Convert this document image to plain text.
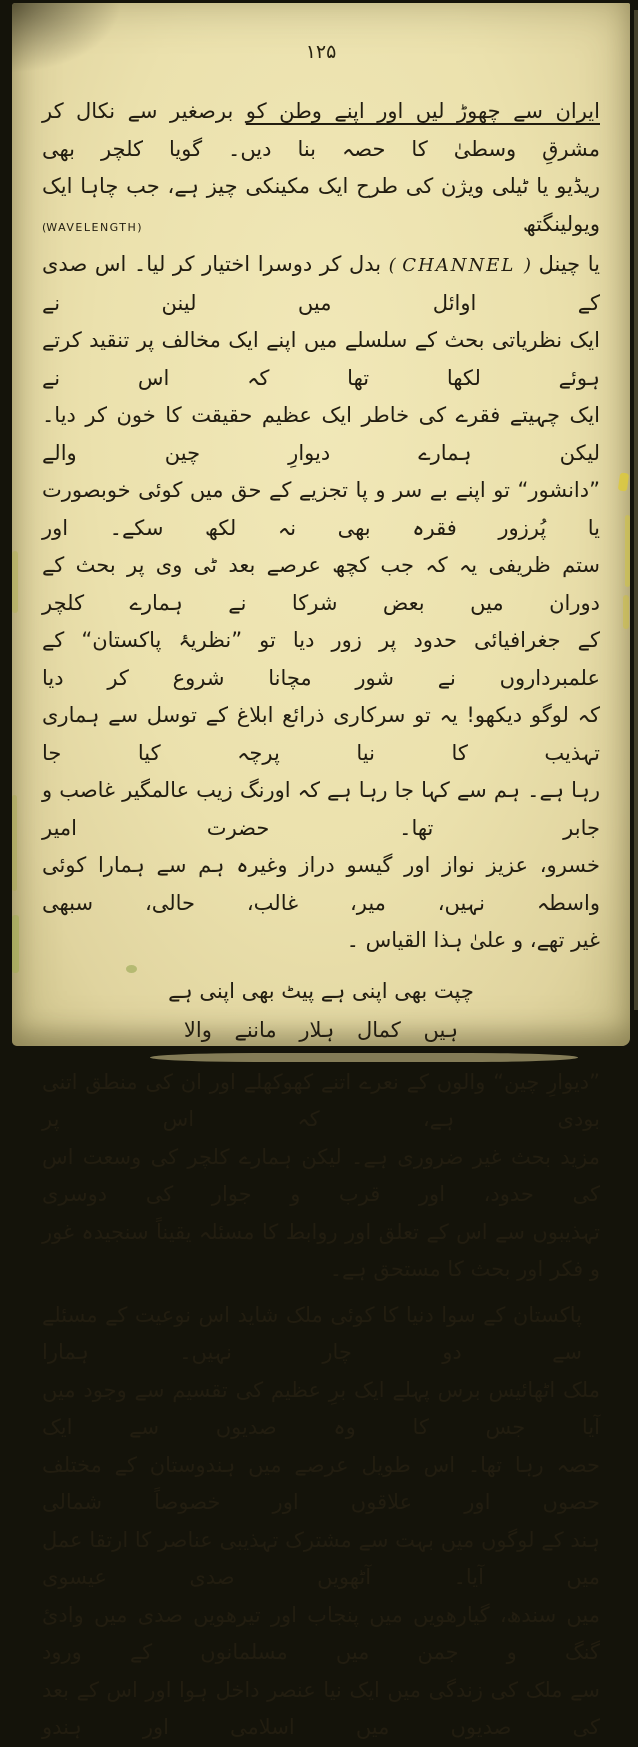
۱۲۵
ایران سے چھوڑ لیں اور اپنے وطن کو برصغیر سے نکال کر مشرقِ وسطیٰ کا حصہ بنا دیں۔ گویا کلچر بھی
ریڈیو یا ٹیلی ویژن کی طرح ایک مکینکی چیز ہے، جب چاہا ایک ویولینگتھ (WAVELENGTH)
یا چینل ( CHANNEL ) بدل کر دوسرا اختیار کر لیا۔ اس صدی کے اوائل میں لینن نے
ایک نظریاتی بحث کے سلسلے میں اپنے ایک مخالف پر تنقید کرتے ہوئے لکھا تھا کہ اس نے
ایک چہیتے فقرے کی خاطر ایک عظیم حقیقت کا خون کر دیا۔ لیکن ہمارے دیوارِ چین والے
”دانشور“ تو اپنے بے سر و پا تجزیے کے حق میں کوئی خوبصورت یا پُرزور فقرہ بھی نہ لکھ سکے۔ اور
ستم ظریفی یہ کہ جب کچھ عرصے بعد ٹی وی پر بحث کے دوران میں بعض شرکا نے ہمارے کلچر
کے جغرافیائی حدود پر زور دیا تو ”نظریۂ پاکستان“ کے علمبرداروں نے شور مچانا شروع کر دیا
کہ لوگو دیکھو! یہ تو سرکاری ذرائع ابلاغ کے توسل سے ہماری تہذیب کا نیا پرچہ کیا جا
رہا ہے۔ ہم سے کہا جا رہا ہے کہ اورنگ زیب عالمگیر غاصب و جابر تھا۔ حضرت امیر
خسرو، عزیز نواز اور گیسو دراز وغیرہ ہم سے ہمارا کوئی واسطہ نہیں، میر، غالب، حالی، سبھی
غیر تھے، و علیٰ ہذا القیاس ۔
چپت بھی اپنی ہے پیٹ بھی اپنی ہے
ہیں کمال ہلار ماننے والا
”دیوارِ چین“ والوں کے نعرے اتنے کھوکھلے اور ان کی منطق اتنی بودی ہے، کہ اس پر
مزید بحث غیر ضروری ہے۔ لیکن ہمارے کلچر کی وسعت اس کی حدود، اور قرب و جوار کی دوسری
تہذیبوں سے اس کے تعلق اور روابط کا مسئلہ یقیناً سنجیدہ غور و فکر اور بحث کا مستحق ہے۔
پاکستان کے سوا دنیا کا کوئی ملک شاید اس نوعیت کے مسئلے سے دو چار نہیں۔ ہمارا
ملک اٹھائیس برس پہلے ایک برِ عظیم کی تقسیم سے وجود میں آیا جس کا وہ صدیوں سے ایک
حصہ رہا تھا۔ اس طویل عرصے میں ہندوستان کے مختلف حصوں اور علاقوں اور خصوصاً شمالی
ہند کے لوگوں میں بہت سے مشترک تہذیبی عناصر کا ارتقا عمل میں آیا۔ آٹھویں صدی عیسوی
میں سندھ، گیارھویں میں پنجاب اور تیرھویں صدی میں وادیٔ گنگ و جمن میں مسلمانوں کے ورود
سے ملک کی زندگی میں ایک نیا عنصر داخل ہوا اور اس کے بعد کی صدیوں میں اسلامی اور ہندو
